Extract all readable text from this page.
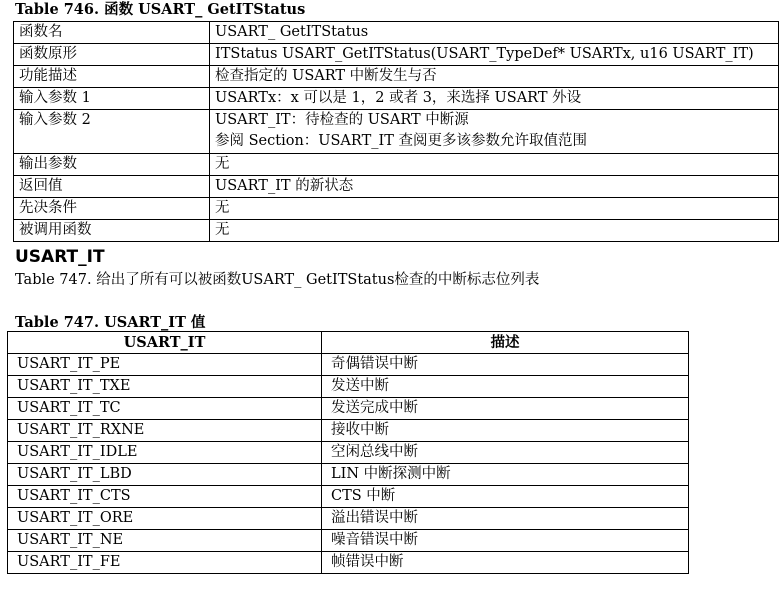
Table 746. 函数 USART_ GetITStatus
函数名	USART_ GetITStatus
函数原形	ITStatus USART_GetITStatus(USART_TypeDef* USARTx, u16 USART_IT)
功能描述	检查指定的 USART 中断发生与否
输入参数 1	USARTx：x 可以是 1，2 或者 3，来选择 USART 外设
输入参数 2	USART_IT：待检查的 USART 中断源
参阅 Section：USART_IT 查阅更多该参数允许取值范围

输出参数	无
返回值	USART_IT 的新状态
先决条件	无
被调用函数	无
USART_IT
Table 747. 给出了所有可以被函数USART_ GetITStatus检查的中断标志位列表
Table 747. USART_IT 值
USART_IT	描述
USART_IT_PE	奇偶错误中断
USART_IT_TXE	发送中断
USART_IT_TC	发送完成中断
USART_IT_RXNE	接收中断
USART_IT_IDLE	空闲总线中断
USART_IT_LBD	LIN 中断探测中断
USART_IT_CTS	CTS 中断
USART_IT_ORE	溢出错误中断
USART_IT_NE	噪音错误中断
USART_IT_FE	帧错误中断
